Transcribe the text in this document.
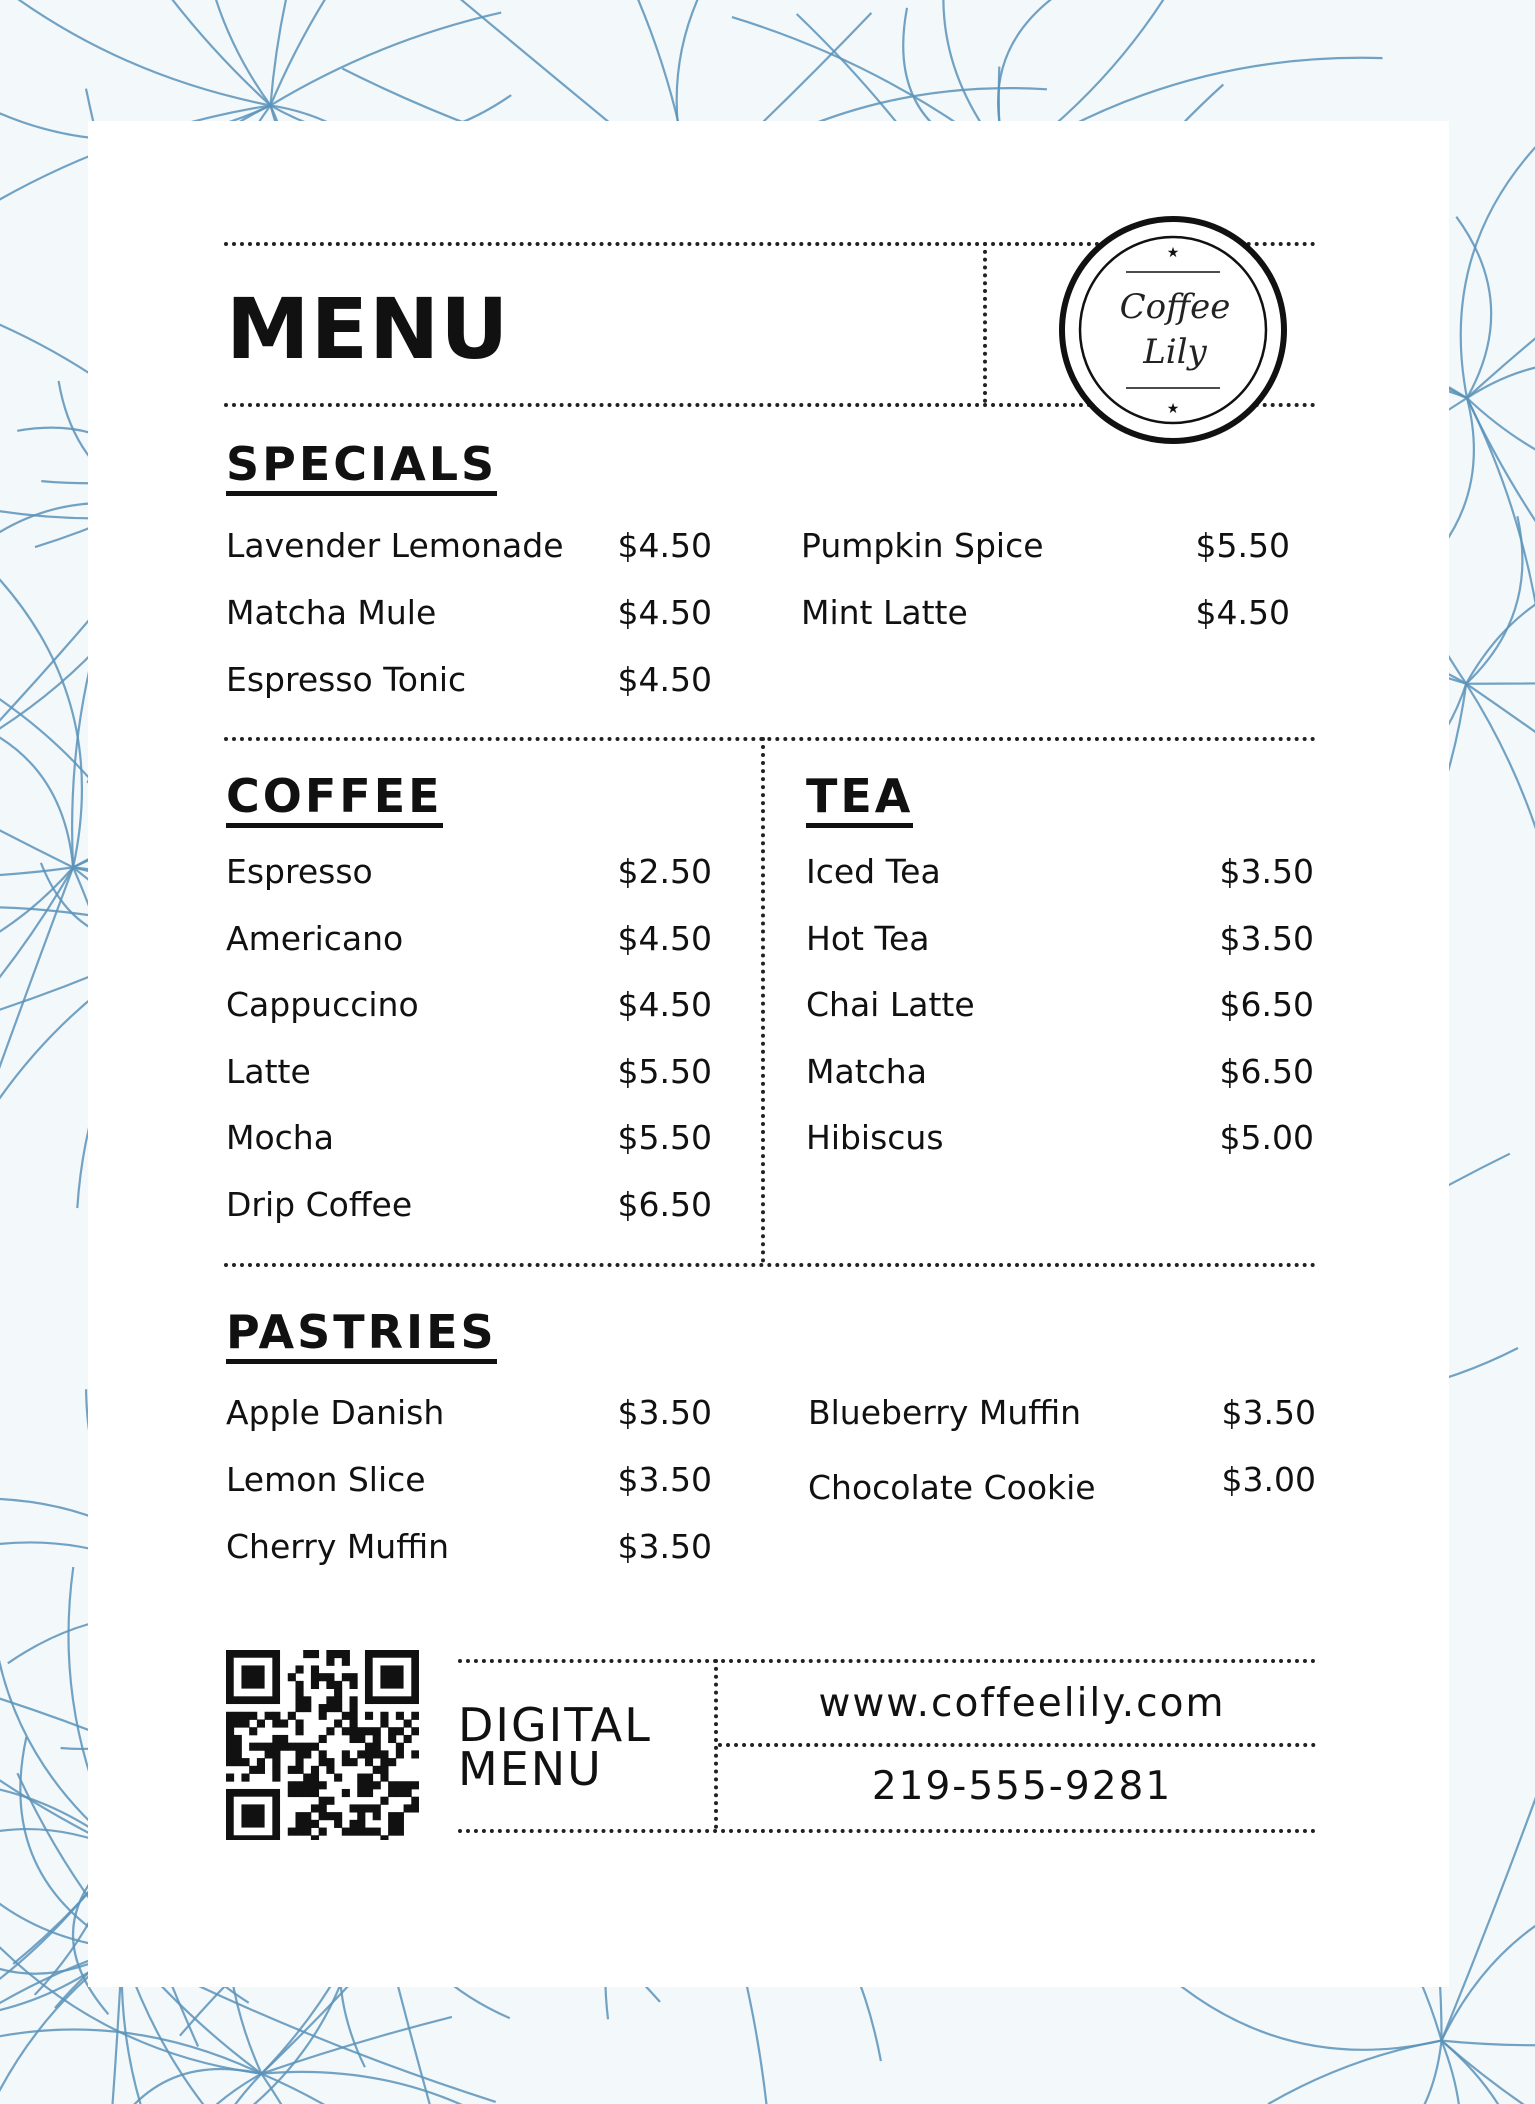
MENU
SPECIALS
Lavender Lemonade	$4.50
Matcha Mule	$4.50
Espresso Tonic	$4.50
Pumpkin Spice	$5.50
Mint Latte	$4.50
COFFEE	TEA
Espresso	$2.50
Americano	$4.50
Cappuccino	$4.50
Latte	$5.50
Mocha	$5.50
Drip Coffee	$6.50
Iced Tea	$3.50
Hot Tea	$3.50
Chai Latte	$6.50
Matcha	$6.50
Hibiscus	$5.00
PASTRIES
Apple Danish	$3.50
Lemon Slice	$3.50
Cherry Muffin	$3.50
Blueberry Muffin	$3.50
Chocolate Cookie	$3.00
DIGITAL
MENU
www.coffeelily.com
219-555-9281
★
★
Coffee
Lily
